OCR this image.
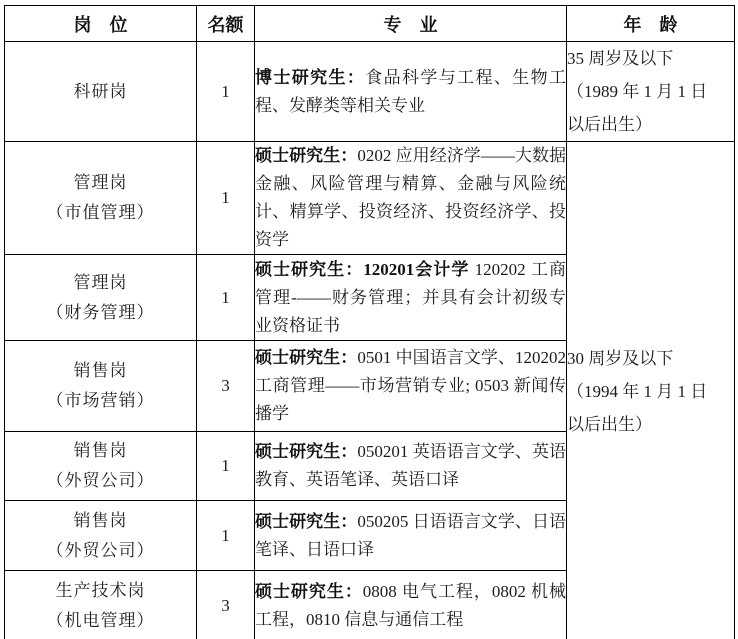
岗　位	名额	专　业	年　龄

科研岗	1	博士研究生：食品科学与工程、生物工程、发酵类等相关专业	35 周岁及以下
（1989 年 1 月 1 日
以后出生）

管理岗
（市值管理）	1	硕士研究生：0202 应用经济学——大数据金融、风险管理与精算、金融与风险统计、精算学、投资经济、投资经济学、投资学	30 周岁及以下
（1994 年 1 月 1 日
以后出生）

管理岗
（财务管理）	1	硕士研究生：120201会计学 120202 工商管理-——财务管理；并具有会计初级专业资格证书	

销售岗
（市场营销）	3	硕士研究生：0501 中国语言文学、120202 工商管理——市场营销专业; 0503 新闻传播学	

销售岗
（外贸公司）	1	硕士研究生：050201 英语语言文学、英语教育、英语笔译、英语口译	

销售岗
（外贸公司）	1	硕士研究生：050205 日语语言文学、日语笔译、日语口译	

生产技术岗
（机电管理）	3	硕士研究生：0808 电气工程，0802 机械工程，0810 信息与通信工程	
